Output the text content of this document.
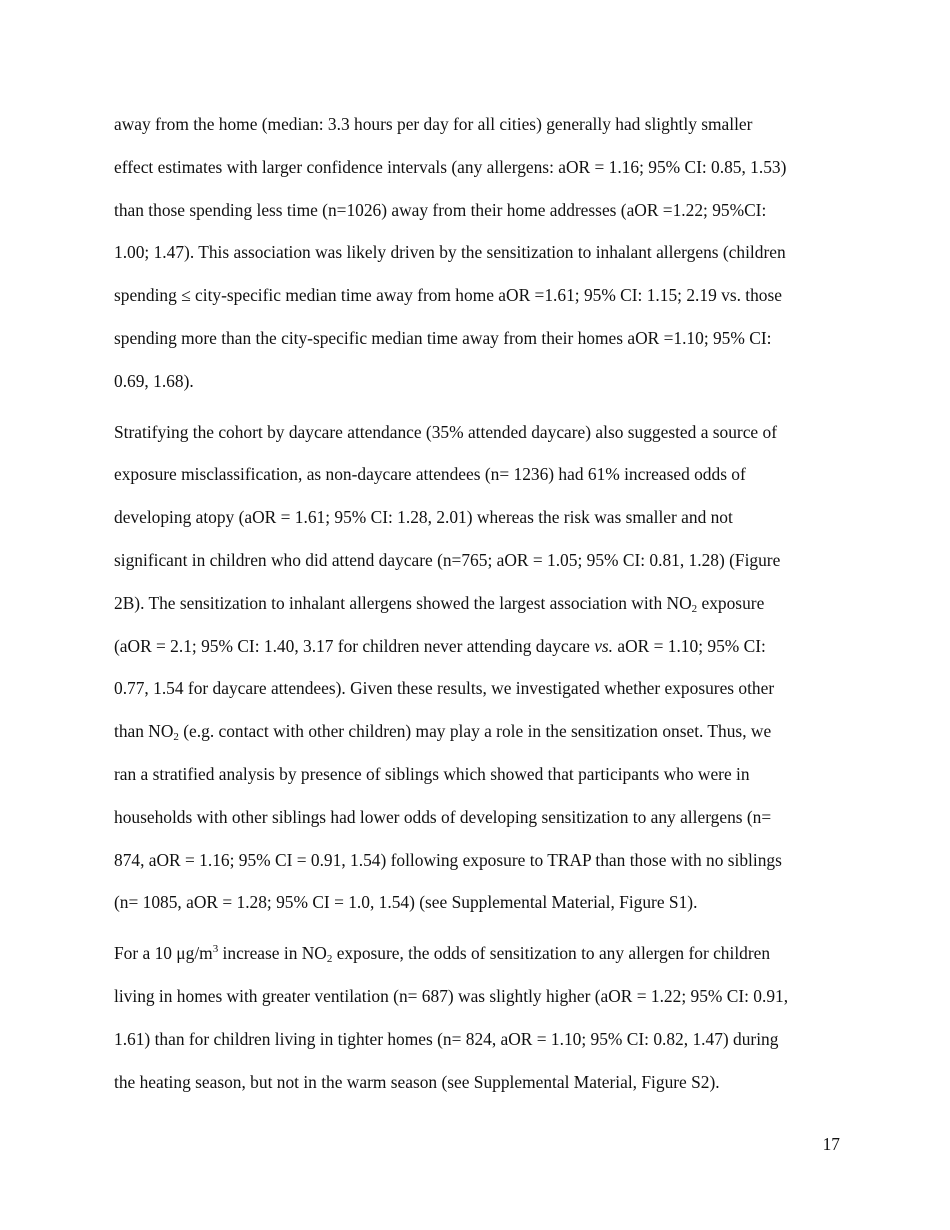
away from the home (median: 3.3 hours per day for all cities) generally had slightly smaller
effect estimates with larger confidence intervals (any allergens: aOR = 1.16; 95% CI: 0.85, 1.53)
than those spending less time (n=1026) away from their home addresses (aOR =1.22; 95%CI:
1.00; 1.47). This association was likely driven by the sensitization to inhalant allergens (children
spending ≤ city-specific median time away from home aOR =1.61; 95% CI: 1.15; 2.19 vs. those
spending more than the city-specific median time away from their homes aOR =1.10; 95% CI:
0.69, 1.68).

Stratifying the cohort by daycare attendance (35% attended daycare) also suggested a source of
exposure misclassification, as non-daycare attendees (n= 1236) had 61% increased odds of
developing atopy (aOR = 1.61; 95% CI: 1.28, 2.01) whereas the risk was smaller and not
significant in children who did attend daycare (n=765; aOR = 1.05; 95% CI: 0.81, 1.28) (Figure
2B). The sensitization to inhalant allergens showed the largest association with $NO_2$ exposure
(aOR = 2.1; 95% CI: 1.40, 3.17 for children never attending daycare vs. aOR = 1.10; 95% CI:
0.77, 1.54 for daycare attendees). Given these results, we investigated whether exposures other
than $NO_2$ (e.g. contact with other children) may play a role in the sensitization onset. Thus, we
ran a stratified analysis by presence of siblings which showed that participants who were in
households with other siblings had lower odds of developing sensitization to any allergens (n=
874, aOR = 1.16; 95% CI = 0.91, 1.54) following exposure to TRAP than those with no siblings
(n= 1085, aOR = 1.28; 95% CI = 1.0, 1.54) (see Supplemental Material, Figure S1).

For a 10 $\mu g/m^3$ increase in $NO_2$ exposure, the odds of sensitization to any allergen for children
living in homes with greater ventilation (n= 687) was slightly higher (aOR = 1.22; 95% CI: 0.91,
1.61) than for children living in tighter homes (n= 824, aOR = 1.10; 95% CI: 0.82, 1.47) during
the heating season, but not in the warm season (see Supplemental Material, Figure S2).

17
